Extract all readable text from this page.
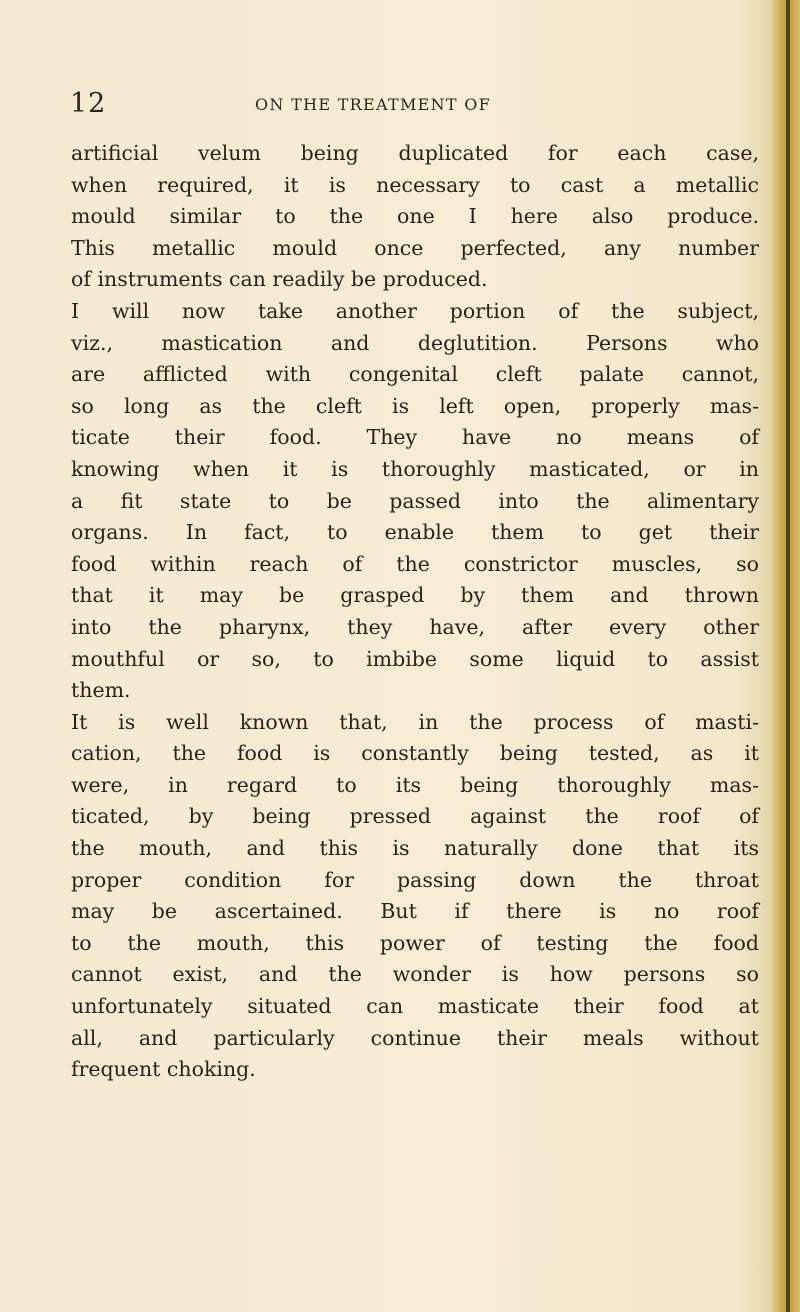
12	ON THE TREATMENT OF
artificial velum being duplicated for each case,
when required, it is necessary to cast a metallic
mould similar to the one I here also produce.
This metallic mould once perfected, any number
of instruments can readily be produced.
I will now take another portion of the subject,
viz., mastication and deglutition. Persons who
are afflicted with congenital cleft palate cannot,
so long as the cleft is left open, properly mas-
ticate their food. They have no means of
knowing when it is thoroughly masticated, or in
a fit state to be passed into the alimentary
organs. In fact, to enable them to get their
food within reach of the constrictor muscles, so
that it may be grasped by them and thrown
into the pharynx, they have, after every other
mouthful or so, to imbibe some liquid to assist
them.
It is well known that, in the process of masti-
cation, the food is constantly being tested, as it
were, in regard to its being thoroughly mas-
ticated, by being pressed against the roof of
the mouth, and this is naturally done that its
proper condition for passing down the throat
may be ascertained. But if there is no roof
to the mouth, this power of testing the food
cannot exist, and the wonder is how persons so
unfortunately situated can masticate their food at
all, and particularly continue their meals without
frequent choking.
